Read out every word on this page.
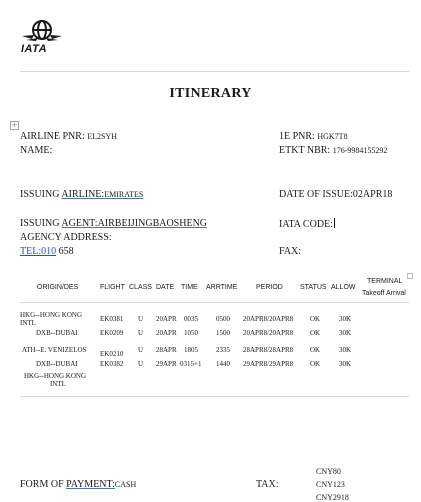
IATA
ITINERARY
+
AIRLINE PNR: EL2SYH
NAME:
1E PNR: HGK7T8
ETKT NBR: 176-9984155292
ISSUING AIRLINE:EMIRATES	DATE OF ISSUE:02APR18
ISSUING AGENT:AIRBEIJINGBAOSHENG	IATA CODE:
AGENCY ADDRESS:
TEL:010 658	FAX:
ORIGIN/DES	FLIGHT CLASS DATE TIME ARRTIME	PERIOD STATUS ALLOW
TERMINAL
Takeoff Arrival
HKG--HONG KONG
INTL	EK0381 U 20APR 0035	0500 20APR8/20APR8 OK	30K
DXB--DUBAI	EK0209 U 20APR 1050	1500 20APR8/20APR8 OK	30K
ATH--E. VENIZELOS EK0210 U 28APR 1805	2335 28APR8/28APR8 OK	30K
DXB--DUBAI	EK0382 U 29APR 0315+1 1440 29APR8/29APR8 OK	30K
HKG--HONG KONG
INTL
FORM OF PAYMENT:CASH	TAX:
CNY80
CNY123
CNY2918
